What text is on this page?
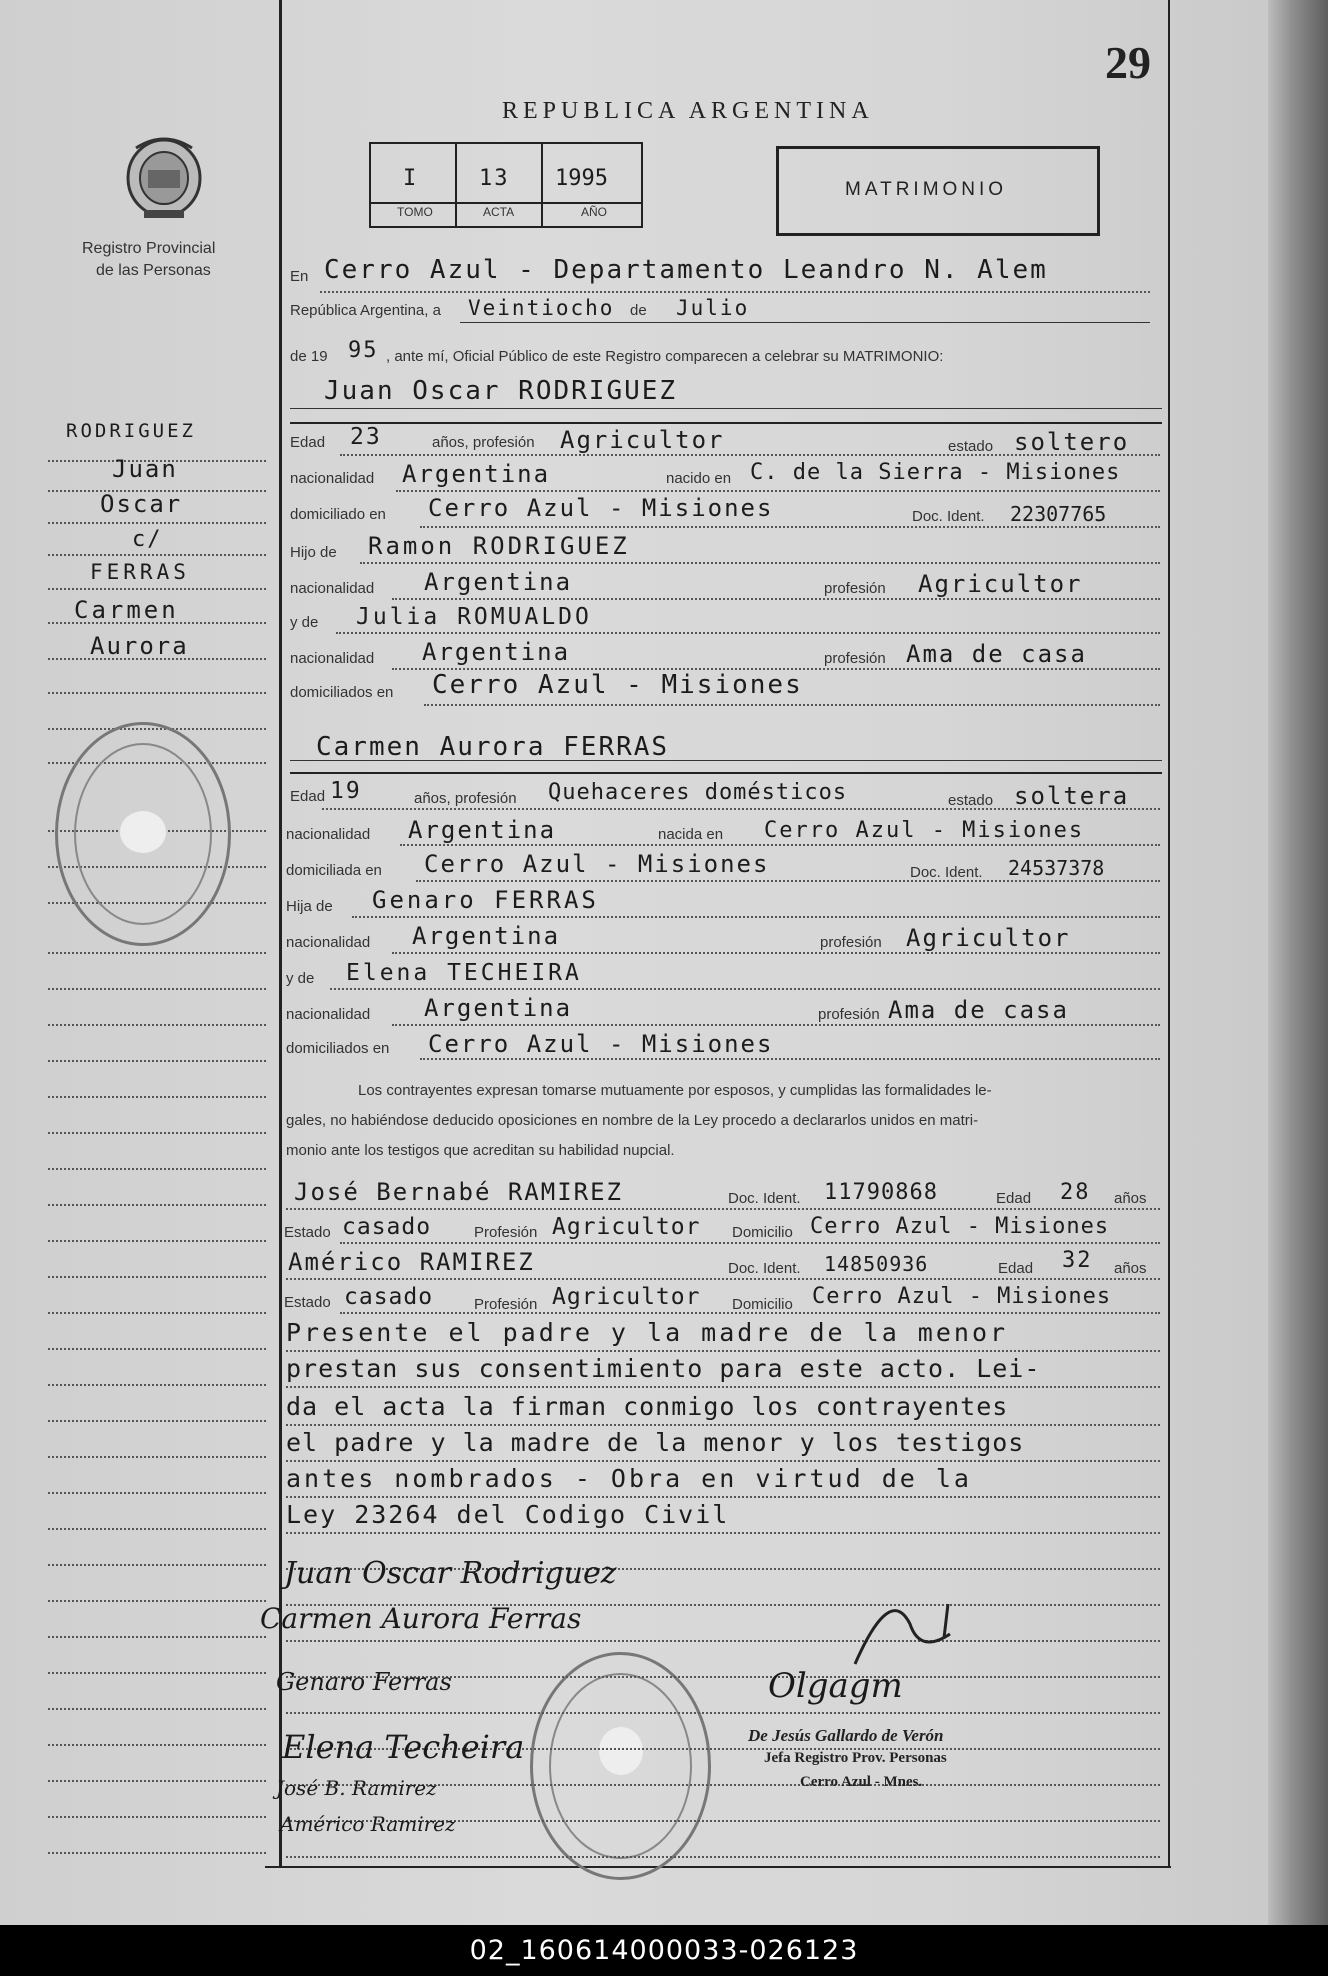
29
Registro Provincial
de las Personas
REPUBLICA ARGENTINA
I	13 1995
TOMO	ACTA	AÑO
MATRIMONIO
RODRIGUEZ
Juan
Oscar
c/
FERRAS
Carmen
Aurora
En Cerro Azul - Departamento Leandro N. Alem
República Argentina, a Veintiocho de Julio
de 19 95 , ante mí, Oficial Público de este Registro comparecen a celebrar su MATRIMONIO:
Juan Oscar RODRIGUEZ
Edad 23	años, profesión Agricultor	estado soltero
nacionalidad Argentina	nacido en C. de la Sierra - Misiones
domiciliado en Cerro Azul - Misiones	Doc. Ident. 22307765
Hijo de Ramon RODRIGUEZ
nacionalidad Argentina	profesión Agricultor
y de Julia ROMUALDO
nacionalidad Argentina	profesión Ama de casa
domiciliados en Cerro Azul - Misiones
Carmen Aurora FERRAS
Edad 19	años, profesión Quehaceres domésticos	estado soltera
nacionalidad Argentina	nacida en Cerro Azul - Misiones
domiciliada en Cerro Azul - Misiones	Doc. Ident. 24537378
Hija de Genaro FERRAS
nacionalidad Argentina	profesión Agricultor
y de Elena TECHEIRA
nacionalidad Argentina	profesión Ama de casa
domiciliados en Cerro Azul - Misiones
Los contrayentes expresan tomarse mutuamente por esposos, y cumplidas las formalidades le-
gales, no habiéndose deducido oposiciones en nombre de la Ley procedo a declararlos unidos en matri-
monio ante los testigos que acreditan su habilidad nupcial.
José Bernabé RAMIREZ	Doc. Ident. 11790868	Edad 28 años
Estado casado	Profesión Agricultor Domicilio Cerro Azul - Misiones
Américo RAMIREZ	Doc. Ident. 14850936	Edad 32 años
Estado casado	Profesión Agricultor Domicilio Cerro Azul - Misiones
Presente el padre y la madre de la menor
prestan sus consentimiento para este acto. Lei-
da el acta la firman conmigo los contrayentes
el padre y la madre de la menor y los testigos
antes nombrados - Obra en virtud de la
Ley 23264 del Codigo Civil
Juan Oscar Rodriguez
Carmen Aurora Ferras
Genaro Ferras
Elena Techeira
José B. Ramirez
Américo Ramirez
Olgagm
De Jesús Gallardo de Verón
Jefa Registro Prov. Personas
Cerro Azul - Mnes.
02_160614000033-026123
